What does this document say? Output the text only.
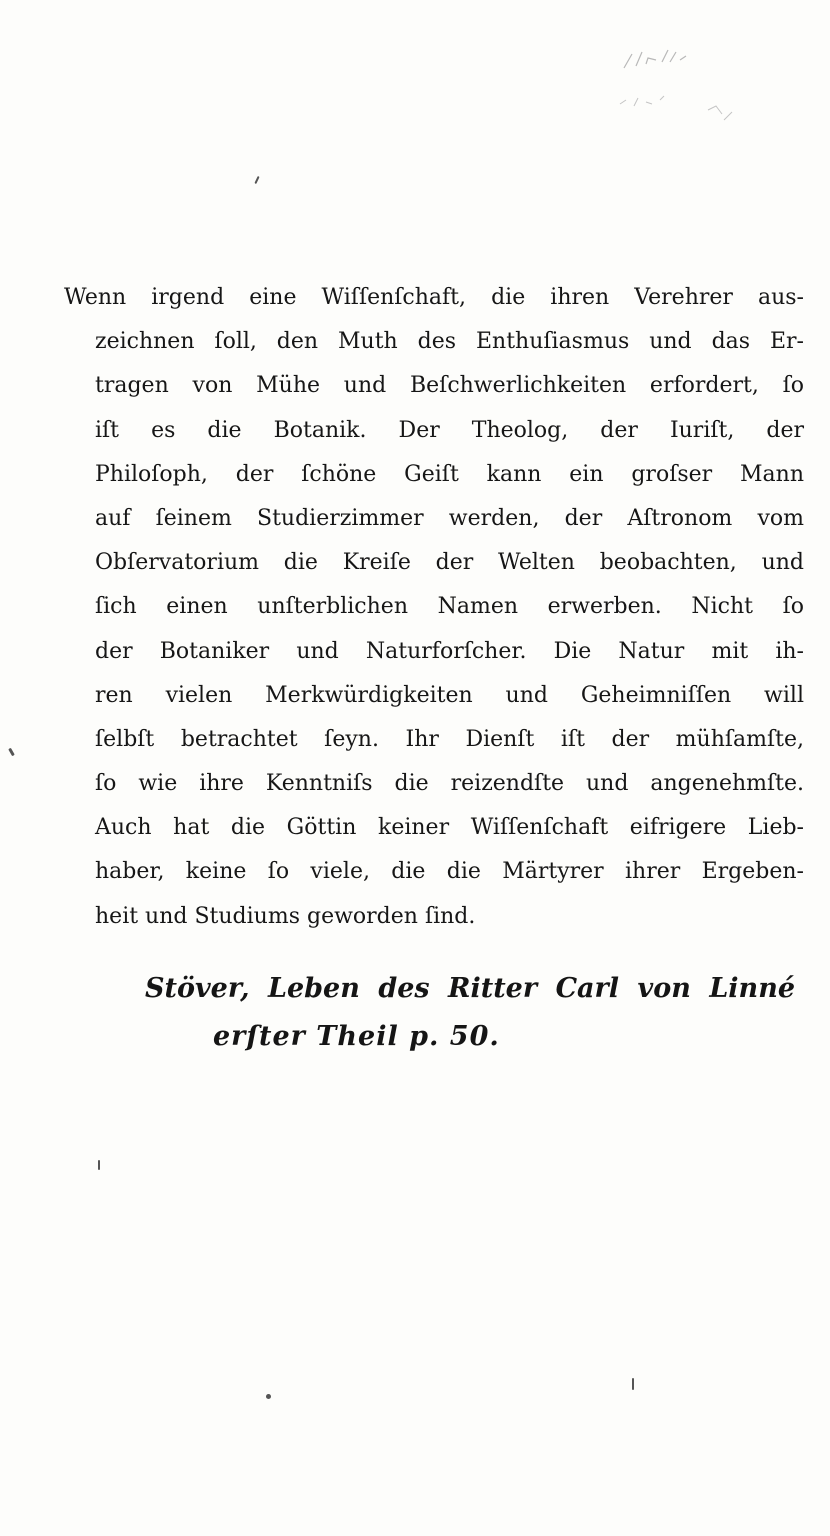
Wenn irgend eine Wiſſenſchaft, die ihren Verehrer aus-
zeichnen ſoll, den Muth des Enthuſiasmus und das Er-
tragen von Mühe und Beſchwerlichkeiten erfordert, ſo
iſt es die Botanik. Der Theolog, der Iuriſt, der
Philoſoph, der ſchöne Geiſt kann ein groſser Mann
auf ſeinem Studierzimmer werden, der Aſtronom vom
Obſervatorium die Kreiſe der Welten beobachten, und
ſich einen unſterblichen Namen erwerben. Nicht ſo
der Botaniker und Naturforſcher. Die Natur mit ih-
ren vielen Merkwürdigkeiten und Geheimniſſen will
ſelbſt betrachtet ſeyn. Ihr Dienſt iſt der mühſamſte,
ſo wie ihre Kenntniſs die reizendſte und angenehmſte.
Auch hat die Göttin keiner Wiſſenſchaft eifrigere Lieb-
haber, keine ſo viele, die die Märtyrer ihrer Ergeben-
heit und Studiums geworden ſind.
Stöver, Leben des Ritter Carl von Linné
erſter Theil p. 50.
